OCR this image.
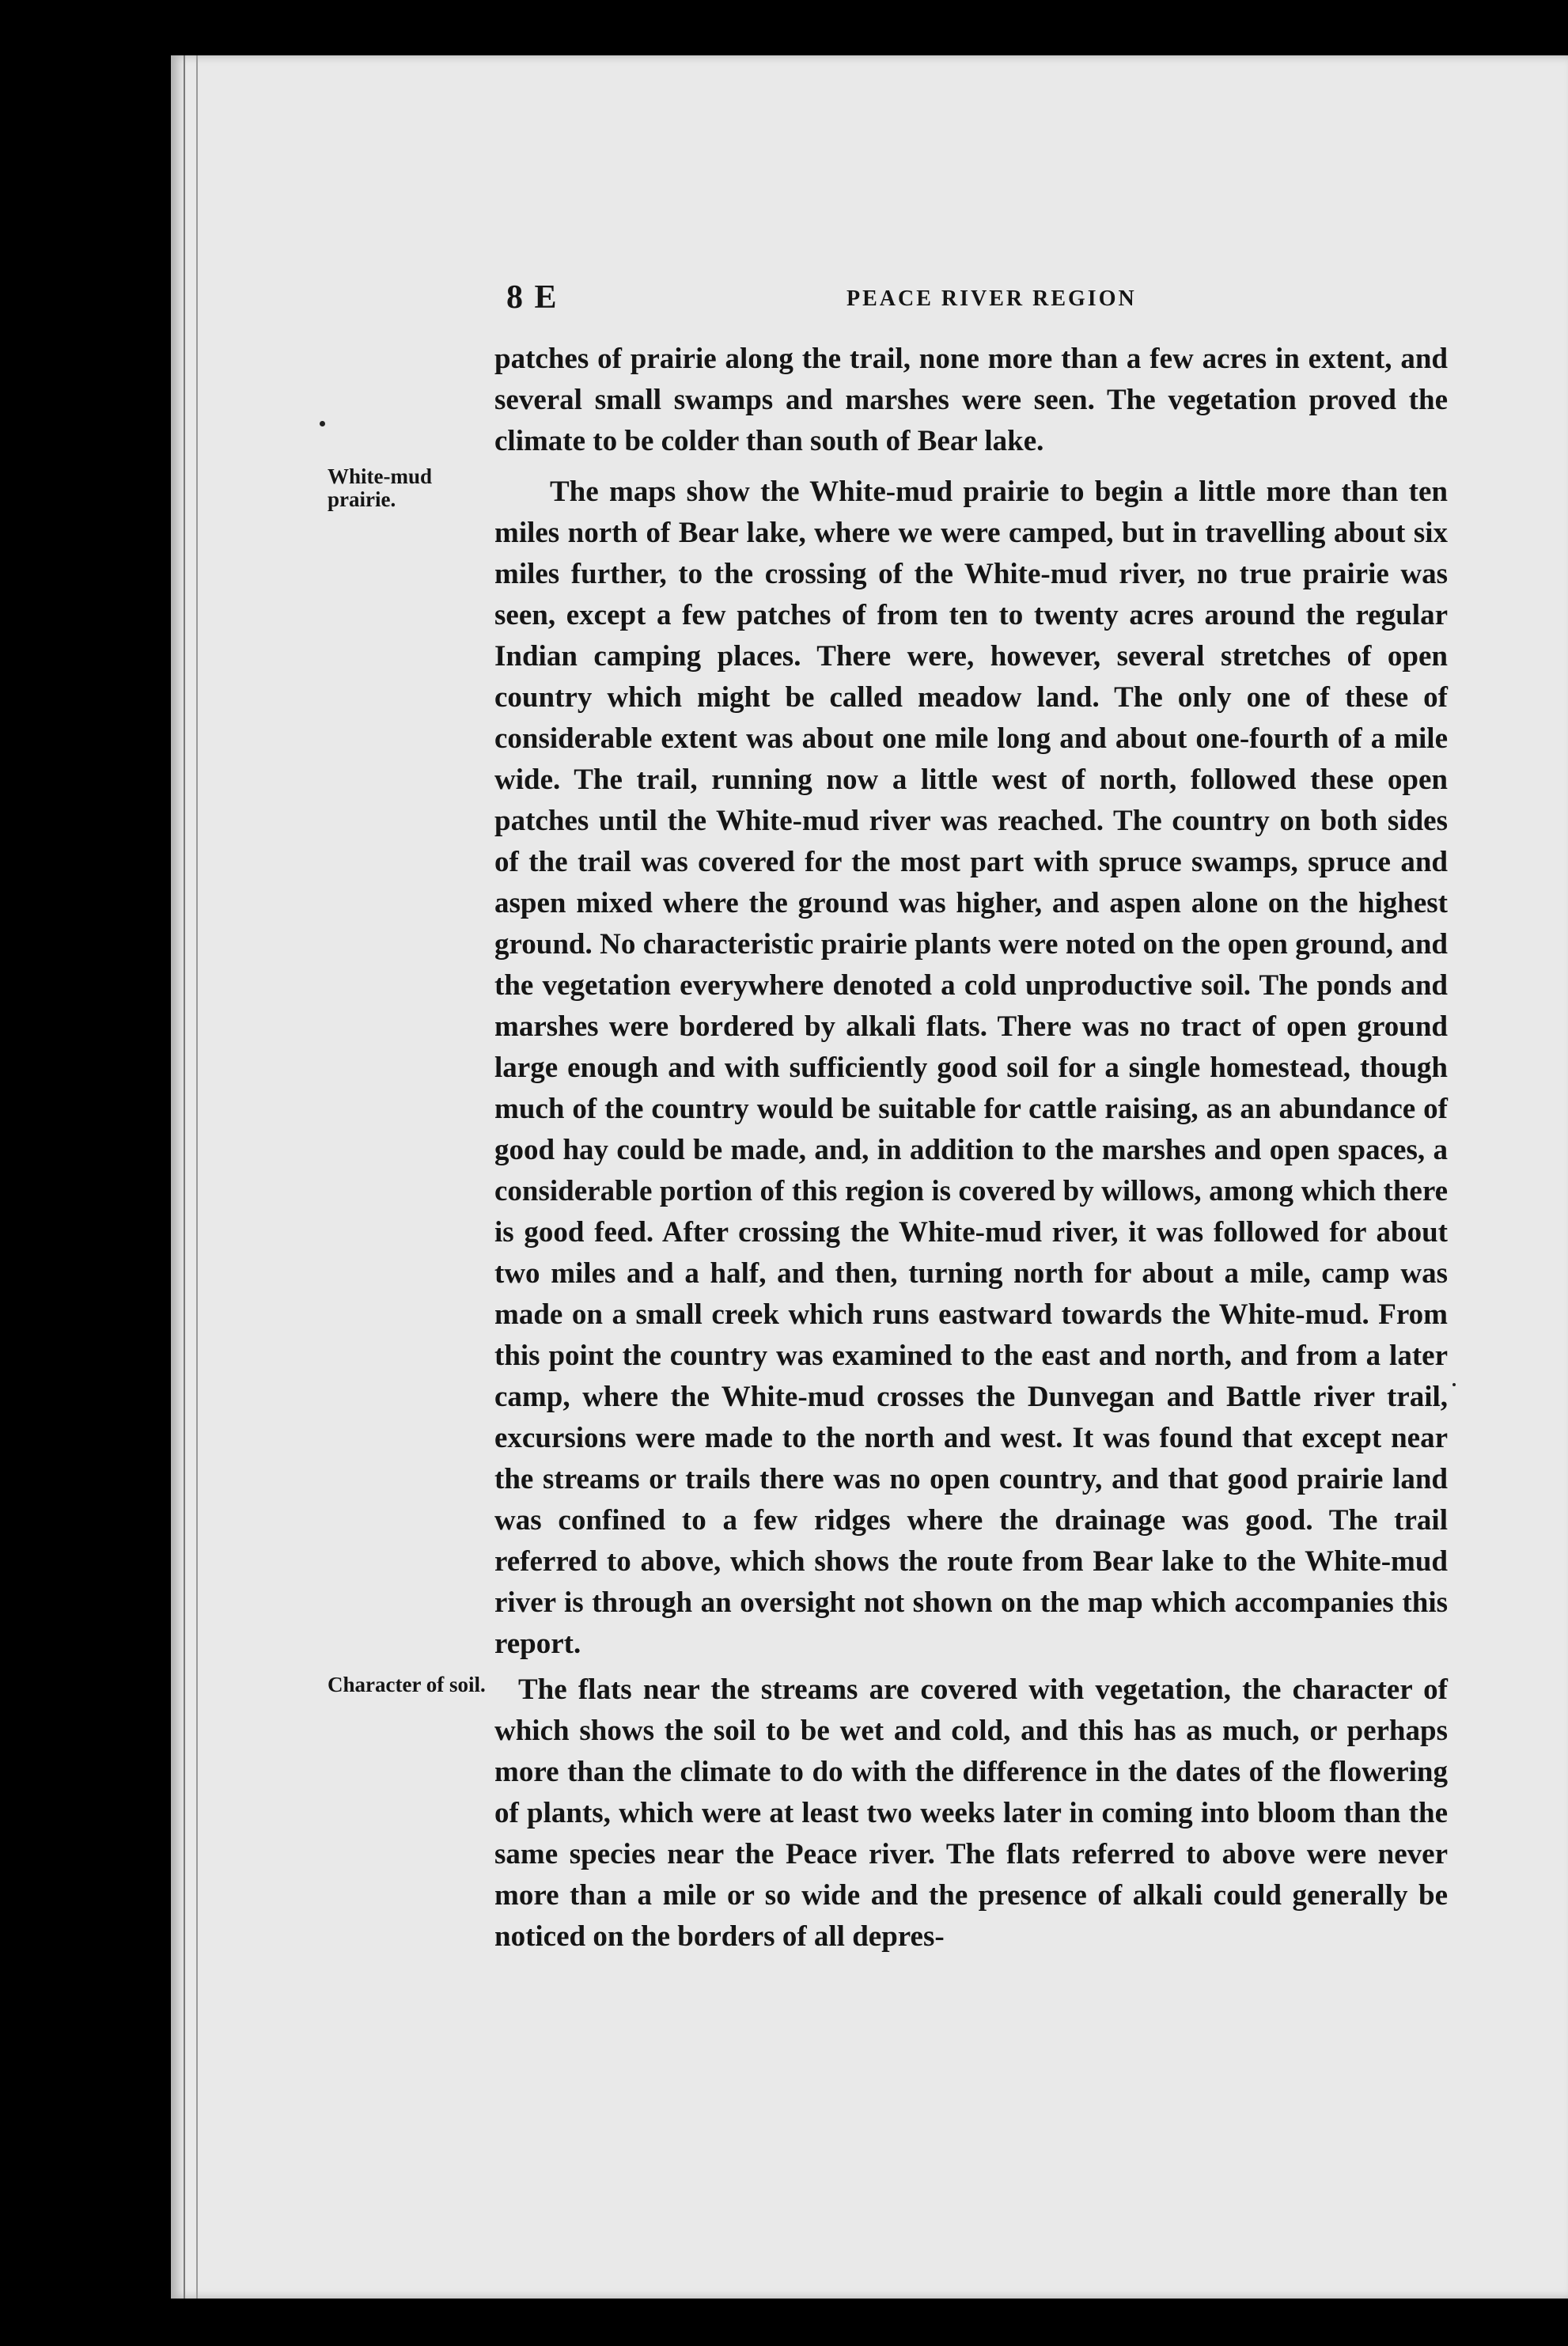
8 E	PEACE RIVER REGION

White-mud prairie.

Character of soil.

patches of prairie along the trail, none more than a few acres in extent, and several small swamps and marshes were seen. The vegetation proved the climate to be colder than south of Bear lake.

The maps show the White-mud prairie to begin a little more than ten miles north of Bear lake, where we were camped, but in travelling about six miles further, to the crossing of the White-mud river, no true prairie was seen, except a few patches of from ten to twenty acres around the regular Indian camping places. There were, however, several stretches of open country which might be called meadow land. The only one of these of considerable extent was about one mile long and about one-fourth of a mile wide. The trail, running now a little west of north, followed these open patches until the White-mud river was reached. The country on both sides of the trail was covered for the most part with spruce swamps, spruce and aspen mixed where the ground was higher, and aspen alone on the highest ground. No characteristic prairie plants were noted on the open ground, and the vegetation everywhere denoted a cold unproductive soil. The ponds and marshes were bordered by alkali flats. There was no tract of open ground large enough and with sufficiently good soil for a single homestead, though much of the country would be suitable for cattle raising, as an abundance of good hay could be made, and, in addition to the marshes and open spaces, a considerable portion of this region is covered by willows, among which there is good feed. After crossing the White-mud river, it was followed for about two miles and a half, and then, turning north for about a mile, camp was made on a small creek which runs eastward towards the White-mud. From this point the country was examined to the east and north, and from a later camp, where the White-mud crosses the Dunvegan and Battle river trail, excursions were made to the north and west. It was found that except near the streams or trails there was no open country, and that good prairie land was confined to a few ridges where the drainage was good. The trail referred to above, which shows the route from Bear lake to the White-mud river is through an oversight not shown on the map which accompanies this report.

The flats near the streams are covered with vegetation, the character of which shows the soil to be wet and cold, and this has as much, or perhaps more than the climate to do with the difference in the dates of the flowering of plants, which were at least two weeks later in coming into bloom than the same species near the Peace river. The flats referred to above were never more than a mile or so wide and the presence of alkali could generally be noticed on the borders of all depres-
